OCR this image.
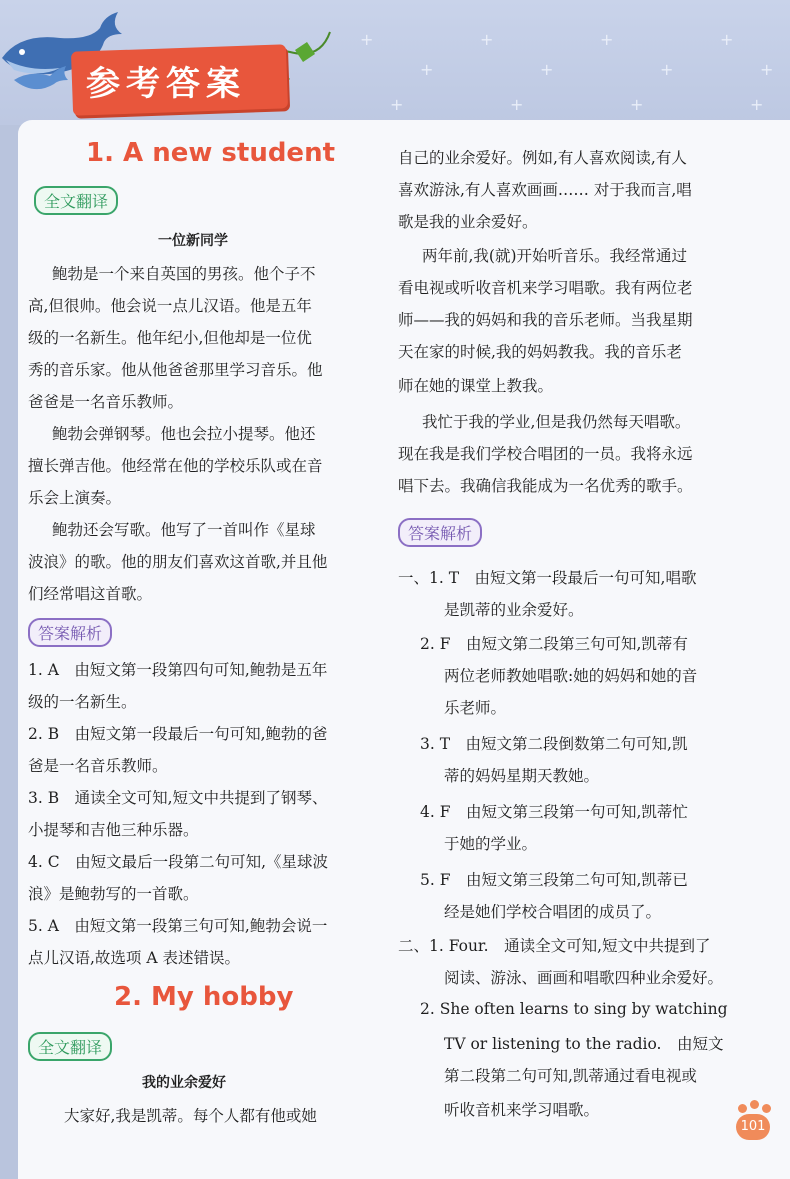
+
+
+
+
+
+
+
+
+	+	+	+
参考答案
1. A new student
全文翻译
一位新同学
鲍勃是一个来自英国的男孩。他个子不
高,但很帅。他会说一点儿汉语。他是五年
级的一名新生。他年纪小,但他却是一位优
秀的音乐家。他从他爸爸那里学习音乐。他
爸爸是一名音乐教师。
鲍勃会弹钢琴。他也会拉小提琴。他还
擅长弹吉他。他经常在他的学校乐队或在音
乐会上演奏。
鲍勃还会写歌。他写了一首叫作《星球
波浪》的歌。他的朋友们喜欢这首歌,并且他
们经常唱这首歌。
答案解析
1. A　由短文第一段第四句可知,鲍勃是五年
级的一名新生。
2. B　由短文第一段最后一句可知,鲍勃的爸
爸是一名音乐教师。
3. B　通读全文可知,短文中共提到了钢琴、
小提琴和吉他三种乐器。
4. C　由短文最后一段第二句可知,《星球波
浪》是鲍勃写的一首歌。
5. A　由短文第一段第三句可知,鲍勃会说一
点儿汉语,故选项 A 表述错误。
2. My hobby
全文翻译
我的业余爱好
大家好,我是凯蒂。每个人都有他或她
自己的业余爱好。例如,有人喜欢阅读,有人
喜欢游泳,有人喜欢画画…… 对于我而言,唱
歌是我的业余爱好。
两年前,我(就)开始听音乐。我经常通过
看电视或听收音机来学习唱歌。我有两位老
师——我的妈妈和我的音乐老师。当我星期
天在家的时候,我的妈妈教我。我的音乐老
师在她的课堂上教我。
我忙于我的学业,但是我仍然每天唱歌。
现在我是我们学校合唱团的一员。我将永远
唱下去。我确信我能成为一名优秀的歌手。
答案解析
一、1. T　由短文第一段最后一句可知,唱歌
是凯蒂的业余爱好。
2. F　由短文第二段第三句可知,凯蒂有
两位老师教她唱歌:她的妈妈和她的音
乐老师。
3. T　由短文第二段倒数第二句可知,凯
蒂的妈妈星期天教她。
4. F　由短文第三段第一句可知,凯蒂忙
于她的学业。
5. F　由短文第三段第二句可知,凯蒂已
经是她们学校合唱团的成员了。
二、1. Four.　通读全文可知,短文中共提到了
阅读、游泳、画画和唱歌四种业余爱好。
2. She often learns to sing by watching
TV or listening to the radio.　由短文
第二段第二句可知,凯蒂通过看电视或
听收音机来学习唱歌。
101
